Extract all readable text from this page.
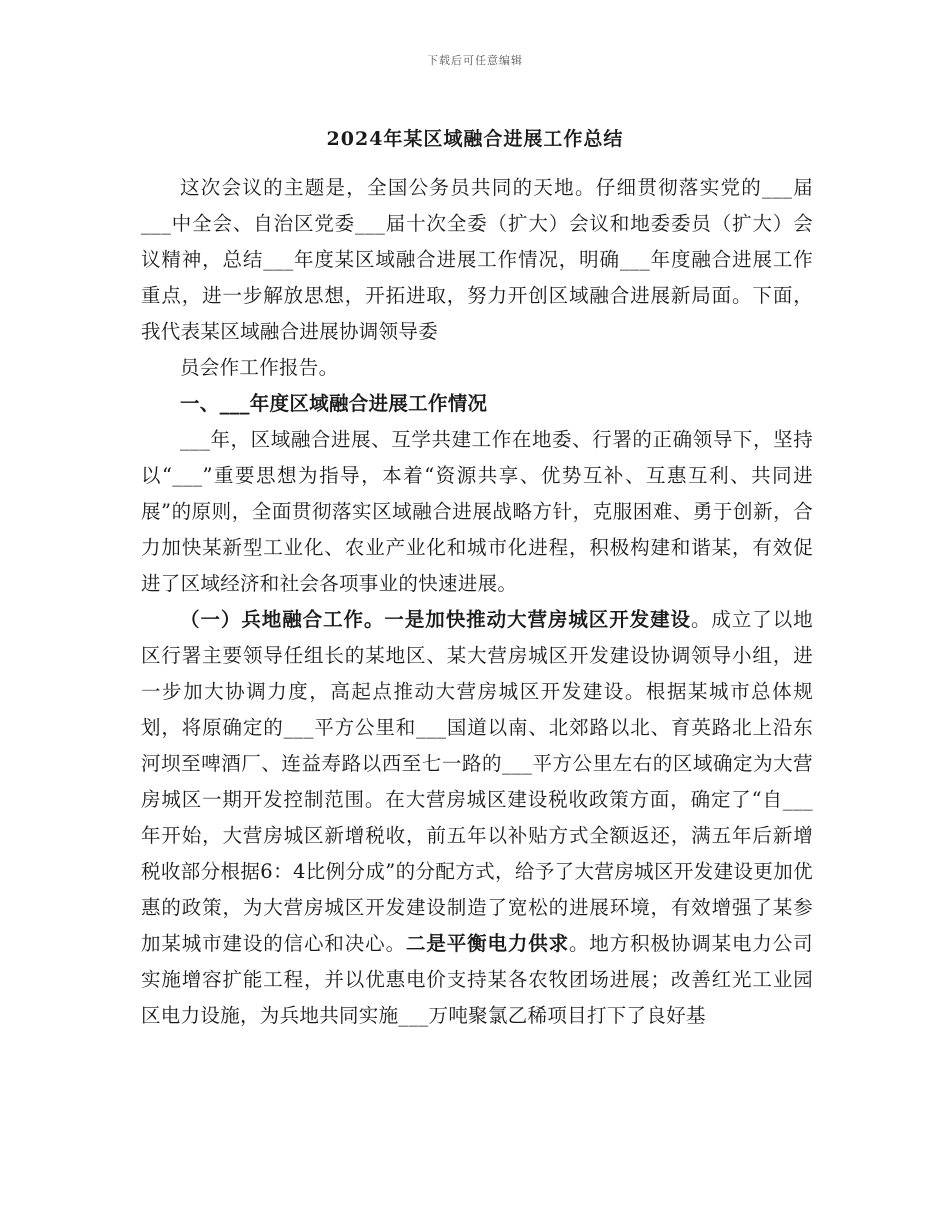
下载后可任意编辑
2024年某区域融合进展工作总结

这次会议的主题是，全国公务员共同的天地。仔细贯彻落实党的___届___中全会、自治区党委___届十次全委（扩大）会议和地委委员（扩大）会议精神，总结___年度某区域融合进展工作情况，明确___年度融合进展工作重点，进一步解放思想，开拓进取，努力开创区域融合进展新局面。下面，我代表某区域融合进展协调领导委

员会作工作报告。

一、___年度区域融合进展工作情况

___年，区域融合进展、互学共建工作在地委、行署的正确领导下，坚持以“___”重要思想为指导，本着“资源共享、优势互补、互惠互利、共同进展”的原则，全面贯彻落实区域融合进展战略方针，克服困难、勇于创新，合力加快某新型工业化、农业产业化和城市化进程，积极构建和谐某，有效促进了区域经济和社会各项事业的快速进展。

（一）兵地融合工作。一是加快推动大营房城区开发建设。成立了以地区行署主要领导任组长的某地区、某大营房城区开发建设协调领导小组，进一步加大协调力度，高起点推动大营房城区开发建设。根据某城市总体规划，将原确定的___平方公里和___国道以南、北郊路以北、育英路北上沿东河坝至啤酒厂、连益寿路以西至七一路的___平方公里左右的区域确定为大营房城区一期开发控制范围。在大营房城区建设税收政策方面，确定了“自___年开始，大营房城区新增税收，前五年以补贴方式全额返还，满五年后新增税收部分根据6：4比例分成”的分配方式，给予了大营房城区开发建设更加优惠的政策，为大营房城区开发建设制造了宽松的进展环境，有效增强了某参加某城市建设的信心和决心。二是平衡电力供求。地方积极协调某电力公司实施增容扩能工程，并以优惠电价支持某各农牧团场进展；改善红光工业园区电力设施，为兵地共同实施___万吨聚氯乙稀项目打下了良好基
